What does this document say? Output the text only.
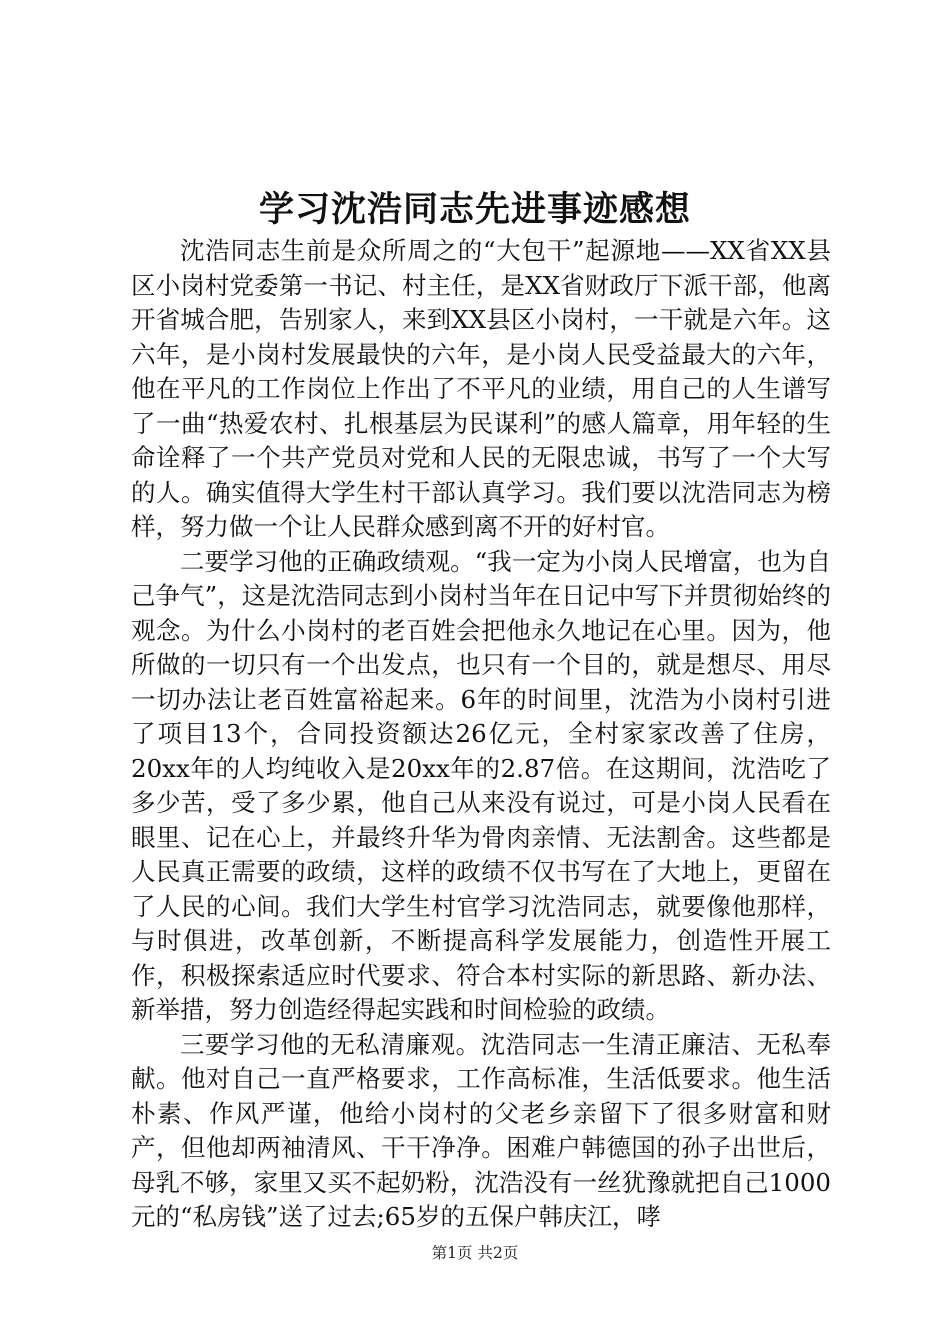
学习沈浩同志先进事迹感想

沈浩同志生前是众所周之的“大包干”起源地——XX省XX县区小岗村党委第一书记、村主任，是XX省财政厅下派干部，他离开省城合肥，告别家人，来到XX县区小岗村，一干就是六年。这六年，是小岗村发展最快的六年，是小岗人民受益最大的六年，他在平凡的工作岗位上作出了不平凡的业绩，用自己的人生谱写了一曲“热爱农村、扎根基层为民谋利”的感人篇章，用年轻的生命诠释了一个共产党员对党和人民的无限忠诚，书写了一个大写的人。确实值得大学生村干部认真学习。我们要以沈浩同志为榜样，努力做一个让人民群众感到离不开的好村官。

二要学习他的正确政绩观。“我一定为小岗人民增富，也为自己争气”，这是沈浩同志到小岗村当年在日记中写下并贯彻始终的观念。为什么小岗村的老百姓会把他永久地记在心里。因为，他所做的一切只有一个出发点，也只有一个目的，就是想尽、用尽一切办法让老百姓富裕起来。6年的时间里，沈浩为小岗村引进了项目13个，合同投资额达26亿元，全村家家改善了住房，20xx年的人均纯收入是20xx年的2.87倍。在这期间，沈浩吃了多少苦，受了多少累，他自己从来没有说过，可是小岗人民看在眼里、记在心上，并最终升华为骨肉亲情、无法割舍。这些都是人民真正需要的政绩，这样的政绩不仅书写在了大地上，更留在了人民的心间。我们大学生村官学习沈浩同志，就要像他那样，与时俱进，改革创新，不断提高科学发展能力，创造性开展工作，积极探索适应时代要求、符合本村实际的新思路、新办法、新举措，努力创造经得起实践和时间检验的政绩。

三要学习他的无私清廉观。沈浩同志一生清正廉洁、无私奉献。他对自己一直严格要求，工作高标准，生活低要求。他生活朴素、作风严谨，他给小岗村的父老乡亲留下了很多财富和财产，但他却两袖清风、干干净净。困难户韩德国的孙子出世后，母乳不够，家里又买不起奶粉，沈浩没有一丝犹豫就把自己1000元的“私房钱”送了过去;65岁的五保户韩庆江，哮

第1页 共2页
